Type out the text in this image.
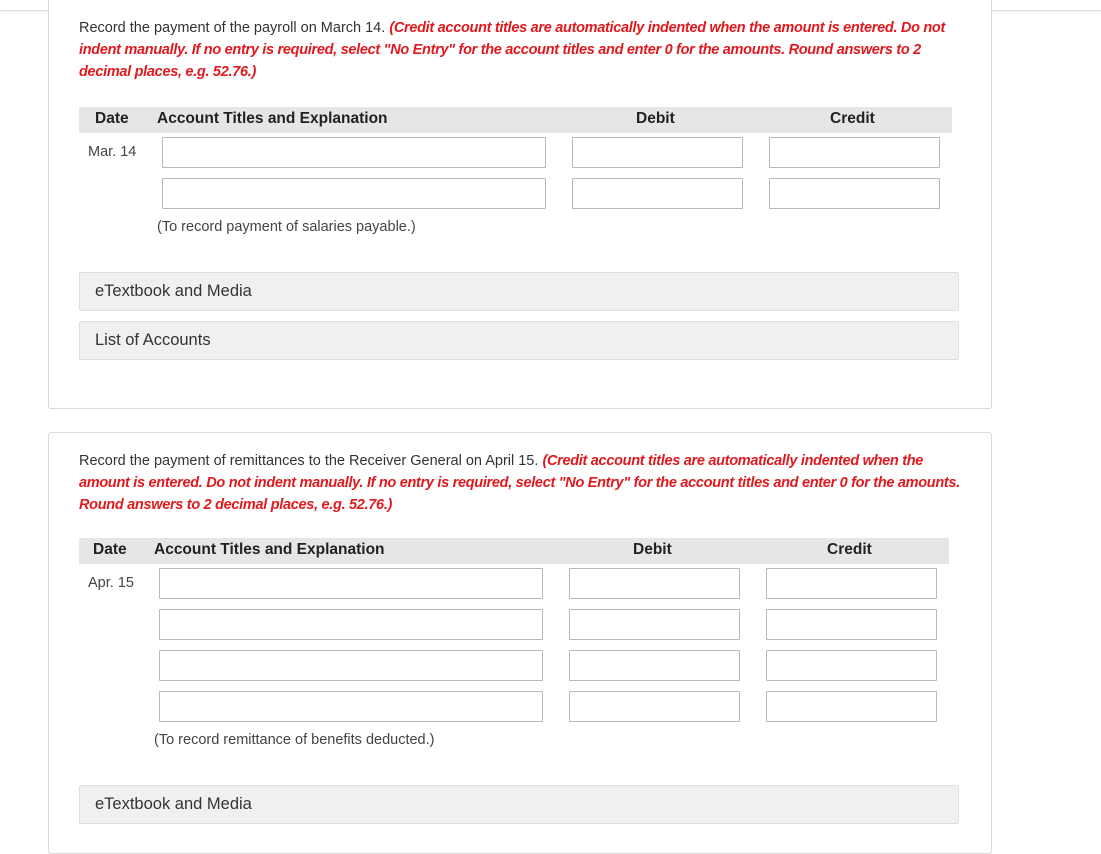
Record the payment of the payroll on March 14. (Credit account titles are automatically indented when the amount is entered. Do not indent manually. If no entry is required, select "No Entry" for the account titles and enter 0 for the amounts. Round answers to 2 decimal places, e.g. 52.76.)
Date Account Titles and Explanation	Debit	Credit
Mar. 14
(To record payment of salaries payable.)
eTextbook and Media
List of Accounts
Record the payment of remittances to the Receiver General on April 15. (Credit account titles are automatically indented when the amount is entered. Do not indent manually. If no entry is required, select "No Entry" for the account titles and enter 0 for the amounts. Round answers to 2 decimal places, e.g. 52.76.)
Date Account Titles and Explanation	Debit	Credit
Apr. 15
(To record remittance of benefits deducted.)
eTextbook and Media
